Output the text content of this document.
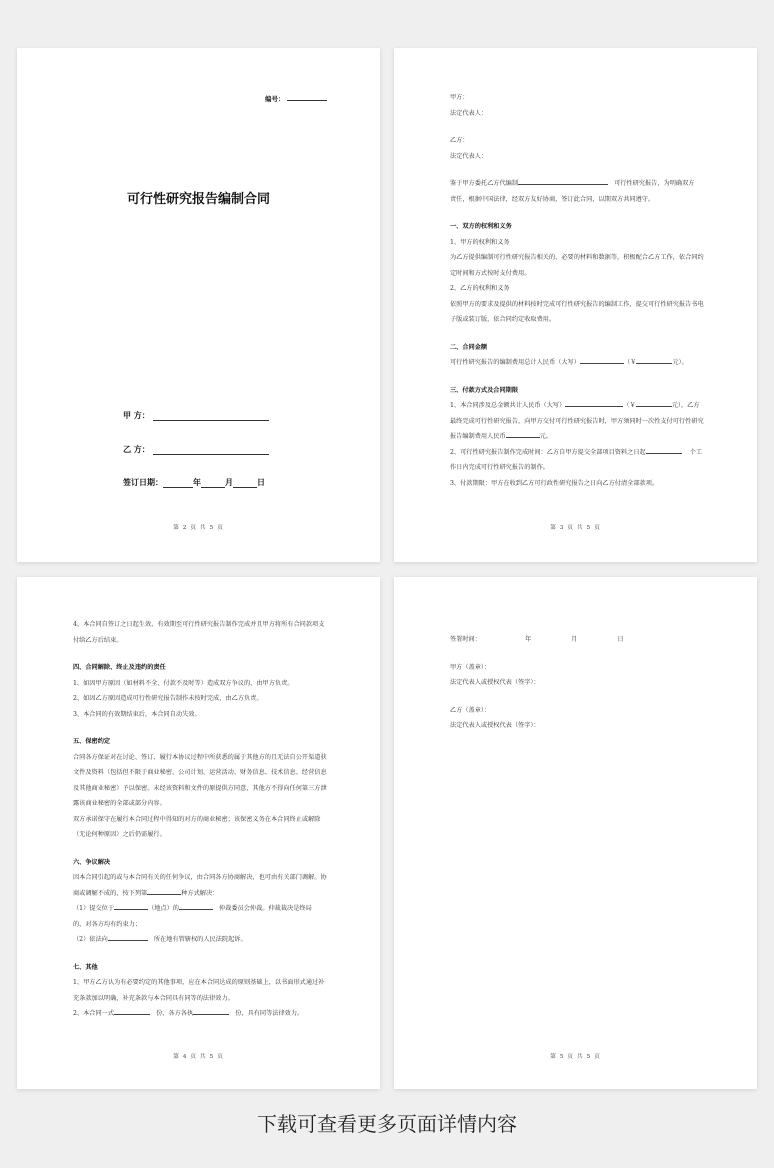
编号：
可行性研究报告编制合同
甲 方：
乙 方：
签订日期：	年	月	日
第 2 页 共 5 页

甲方：

法定代表人：

乙方：

法定代表人：

鉴于甲方委托乙方代编制	可行性研究报告，为明确双方

责任，根据中国法律，经双方友好协商，签订此合同，以期双方共同遵守。

一、双方的权利和义务

1、甲方的权利和义务

为乙方提供编制可行性研究报告相关的、必要的材料和数据等，积极配合乙方工作，依合同约

定时间和方式按时支付费用。

2、乙方的权利和义务

依照甲方的要求及提供的材料按时完成可行性研究报告的编制工作，提交可行性研究报告书电

子版或装订版，依合同约定收取费用。

二、合同金额

可行性研究报告的编制费用总计人民币（大写）	（￥	元）。

三、付款方式及合同期限

1、本合同涉及总金额共计人民币（大写）	（￥	元），乙方

最终完成可行性研究报告，向甲方交付可行性研究报告时，甲方须同时一次性支付可行性研究

报告编制费用人民币	元。

2、可行性研究报告制作完成时间：乙方自甲方提交全部项目资料之日起	个工

作日内完成可行性研究报告的制作。

3、付款期限：甲方在收到乙方可行政性研究报告之日向乙方付清全部款项。

第 3 页 共 5 页

4、本合同自签订之日起生效，有效期至可行性研究报告制作完成并且甲方将所有合同款项支

付给乙方后结束。

四、合同解除、终止及违约的责任

1、如因甲方原因（如材料不全、付款不及时等）造成双方争议的，由甲方负责。

2、如因乙方原因造成可行性研究报告制作未按时完成，由乙方负责。

3、本合同的有效期结束后，本合同自动失效。

五、保密约定

合同各方保证对在讨论、签订、履行本协议过程中所获悉的属于其他方的且无法自公开渠道获

文件及资料（包括但不限于商业秘密、公司计划、运营活动、财务信息、技术信息、经营信息

及其他商业秘密）予以保密。未经该资料和文件的原提供方同意，其他方不得向任何第三方泄

露该商业秘密的全部或部分内容。

双方承诺保守在履行本合同过程中得知的对方的商业秘密；该保密义务在本合同终止或解除

（无论何种原因）之后仍需履行。

六、争议解决

因本合同引起的或与本合同有关的任何争议，由合同各方协商解决，也可由有关部门调解。协

商或调解不成的，按下列第	种方式解决：

（1）提交位于	（地点）的	仲裁委员会仲裁。仲裁裁决是终局

的，对各方均有约束力；

（2）依法向	所在地有管辖权的人民法院起诉。

七、其他

1、甲方乙方认为有必要约定的其他事项，应在本合同达成的原则基础上，以书面形式通过补

充条款加以明确，补充条款与本合同具有同等的法律效力。

2、本合同一式	份，各方各执	份，具有同等法律效力。

第 4 页 共 5 页

签署时间：	年	月	日

甲方（盖章）：

法定代表人或授权代表（签字）：

乙方（盖章）：

法定代表人或授权代表（签字）：

第 5 页 共 5 页
下载可查看更多页面详情内容
